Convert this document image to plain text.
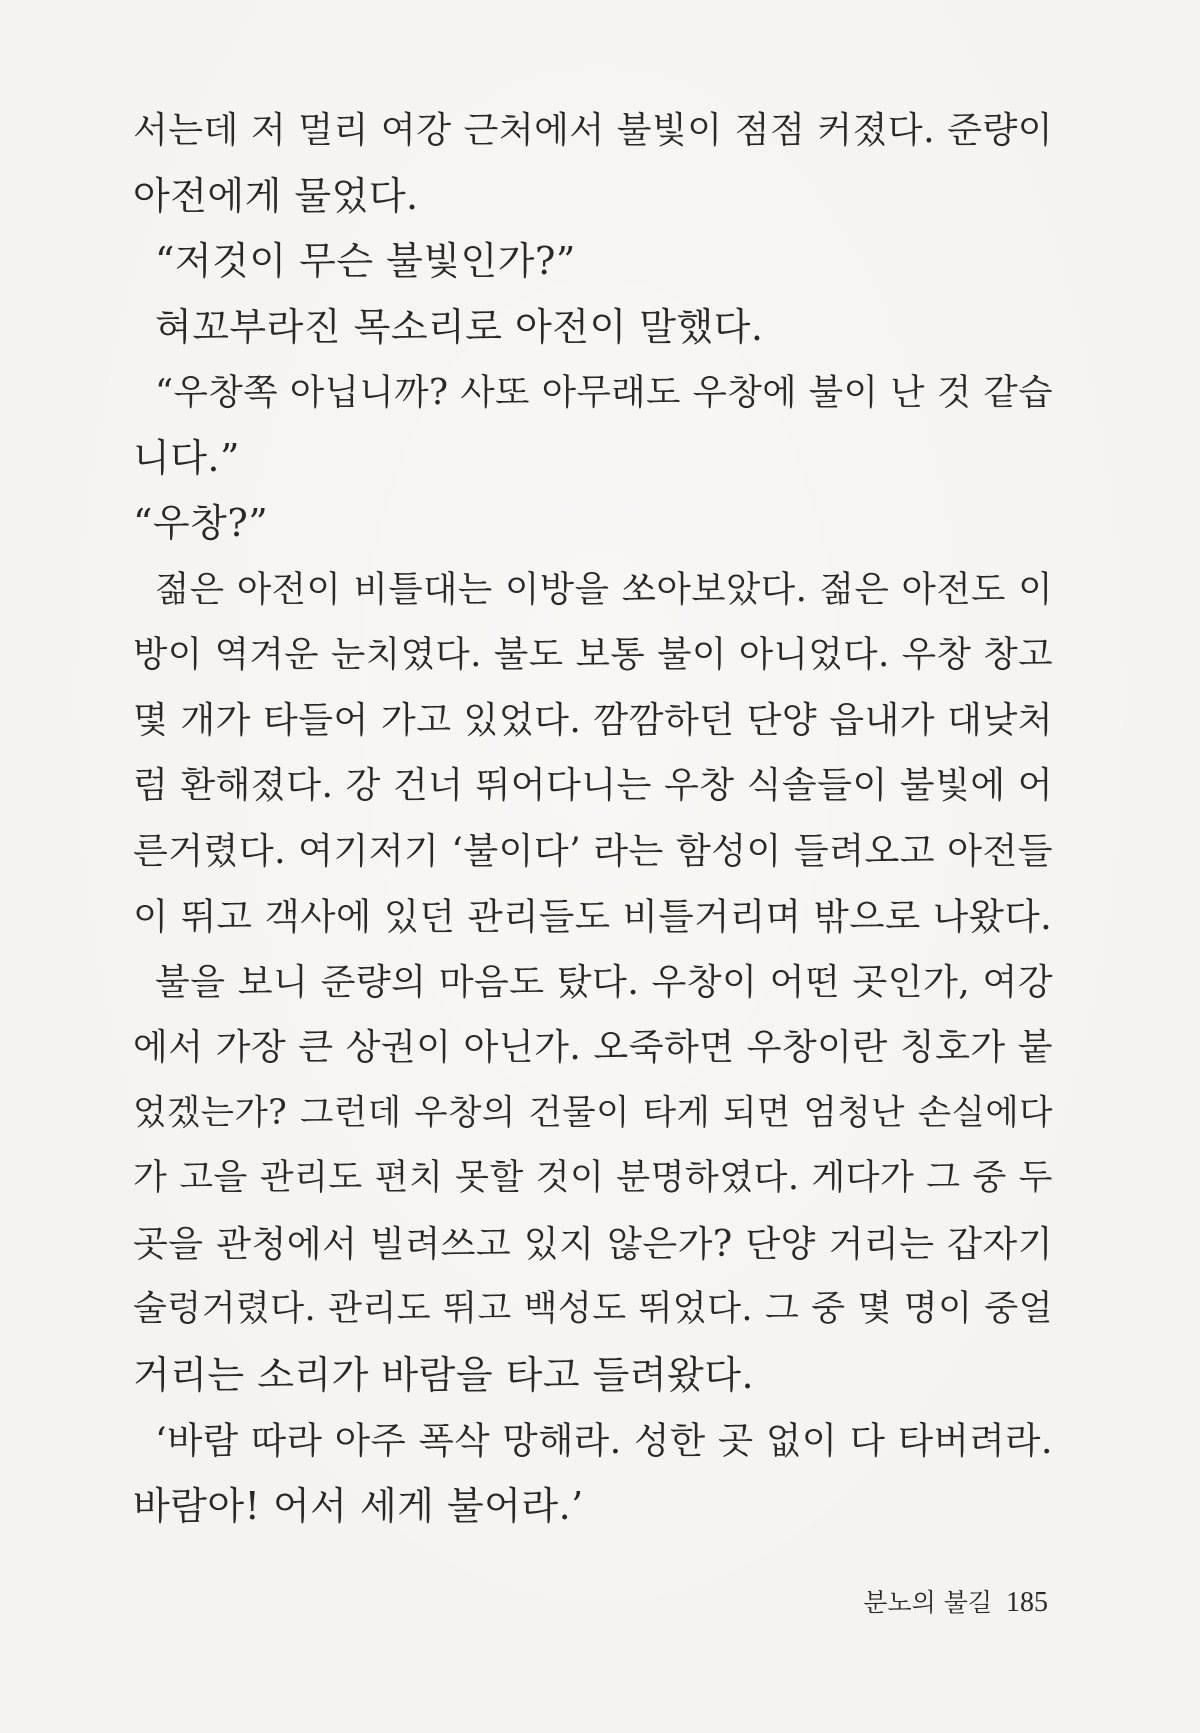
서는데 저 멀리 여강 근처에서 불빛이 점점 커졌다. 준량이
아전에게 물었다.
“저것이 무슨 불빛인가?”
혀꼬부라진 목소리로 아전이 말했다.
“우창쪽 아닙니까? 사또 아무래도 우창에 불이 난 것 같습
니다.”
“우창?”
젊은 아전이 비틀대는 이방을 쏘아보았다. 젊은 아전도 이
방이 역겨운 눈치였다. 불도 보통 불이 아니었다. 우창 창고
몇 개가 타들어 가고 있었다. 깜깜하던 단양 읍내가 대낮처
럼 환해졌다. 강 건너 뛰어다니는 우창 식솔들이 불빛에 어
른거렸다. 여기저기 ‘불이다’ 라는 함성이 들려오고 아전들
이 뛰고 객사에 있던 관리들도 비틀거리며 밖으로 나왔다.
불을 보니 준량의 마음도 탔다. 우창이 어떤 곳인가, 여강
에서 가장 큰 상권이 아닌가. 오죽하면 우창이란 칭호가 붙
었겠는가? 그런데 우창의 건물이 타게 되면 엄청난 손실에다
가 고을 관리도 편치 못할 것이 분명하였다. 게다가 그 중 두
곳을 관청에서 빌려쓰고 있지 않은가? 단양 거리는 갑자기
술렁거렸다. 관리도 뛰고 백성도 뛰었다. 그 중 몇 명이 중얼
거리는 소리가 바람을 타고 들려왔다.
‘바람 따라 아주 폭삭 망해라. 성한 곳 없이 다 타버려라.
바람아! 어서 세게 불어라.’
분노의 불길 185
